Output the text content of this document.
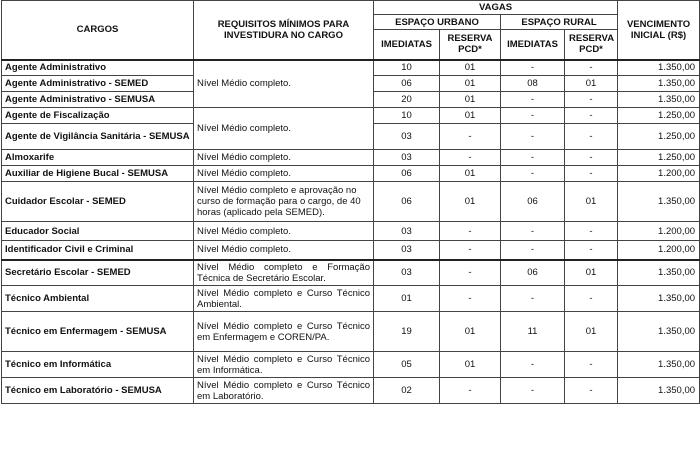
CARGOS	REQUISITOS MÍNIMOS PARA INVESTIDURA NO CARGO	VAGAS				VENCIMENTO INICIAL (R$)
		ESPAÇO URBANO		ESPAÇO RURAL		
		IMEDIATAS	RESERVA PCD*	IMEDIATAS	RESERVA PCD*	
Agente Administrativo	Nível Médio completo.	10	01	-	-	1.350,00
Agente Administrativo - SEMED		06	01	08	01	1.350,00
Agente Administrativo - SEMUSA		20	01	-	-	1.350,00
Agente de Fiscalização	Nível Médio completo.	10	01	-	-	1.250,00
Agente de Vigilância Sanitária - SEMUSA		03	-	-	-	1.250,00
Almoxarife	Nível Médio completo.	03	-	-	-	1.250,00
Auxiliar de Higiene Bucal - SEMUSA	Nível Médio completo.	06	01	-	-	1.200,00
Cuidador Escolar - SEMED	Nível Médio completo e aprovação no curso de formação para o cargo, de 40 horas (aplicado pela SEMED).	06	01	06	01	1.350,00
Educador Social	Nível Médio completo.	03	-	-	-	1.200,00
Identificador Civil e Criminal	Nível Médio completo.	03	-	-	-	1.200,00
Secretário Escolar - SEMED	Nível Médio completo e Formação Técnica de Secretário Escolar.	03	-	06	01	1.350,00
Técnico Ambiental	Nível Médio completo e Curso Técnico Ambiental.	01	-	-	-	1.350,00
Técnico em Enfermagem - SEMUSA	Nível Médio completo e Curso Técnico em Enfermagem e COREN/PA.	19	01	11	01	1.350,00
Técnico em Informática	Nível Médio completo e Curso Técnico em Informática.	05	01	-	-	1.350,00
Técnico em Laboratório - SEMUSA	Nível Médio completo e Curso Técnico em Laboratório.	02	-	-	-	1.350,00
